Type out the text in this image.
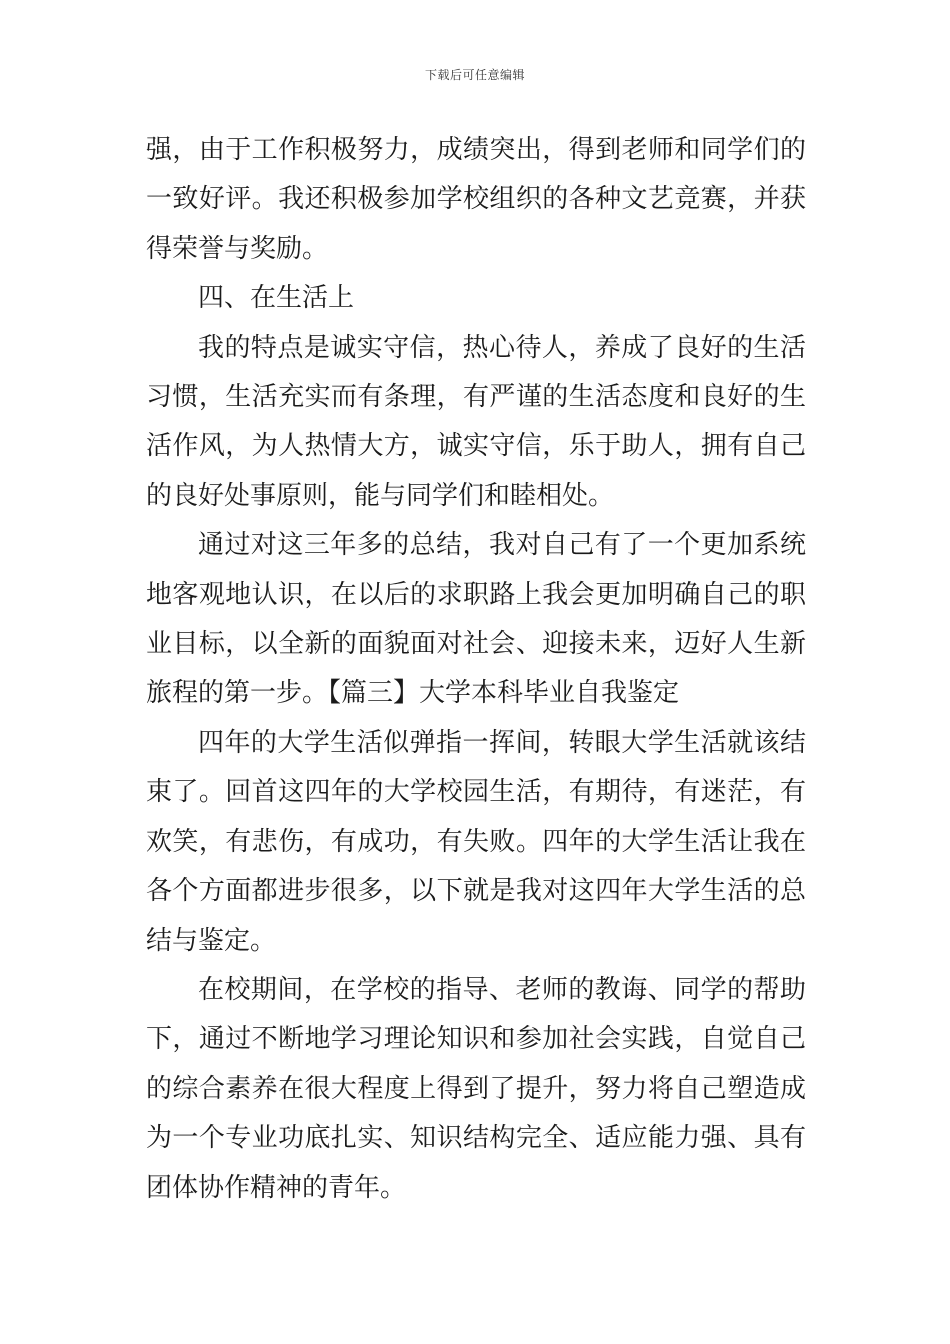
下载后可任意编辑

强，由于工作积极努力，成绩突出，得到老师和同学们的一致好评。我还积极参加学校组织的各种文艺竞赛，并获得荣誉与奖励。

四、在生活上

我的特点是诚实守信，热心待人，养成了良好的生活习惯，生活充实而有条理，有严谨的生活态度和良好的生活作风，为人热情大方，诚实守信，乐于助人，拥有自己的良好处事原则，能与同学们和睦相处。

通过对这三年多的总结，我对自己有了一个更加系统地客观地认识，在以后的求职路上我会更加明确自己的职业目标，以全新的面貌面对社会、迎接未来，迈好人生新旅程的第一步。【篇三】大学本科毕业自我鉴定

四年的大学生活似弹指一挥间，转眼大学生活就该结束了。回首这四年的大学校园生活，有期待，有迷茫，有欢笑，有悲伤，有成功，有失败。四年的大学生活让我在各个方面都进步很多，以下就是我对这四年大学生活的总结与鉴定。

在校期间，在学校的指导、老师的教诲、同学的帮助下，通过不断地学习理论知识和参加社会实践，自觉自己的综合素养在很大程度上得到了提升，努力将自己塑造成为一个专业功底扎实、知识结构完全、适应能力强、具有团体协作精神的青年。
